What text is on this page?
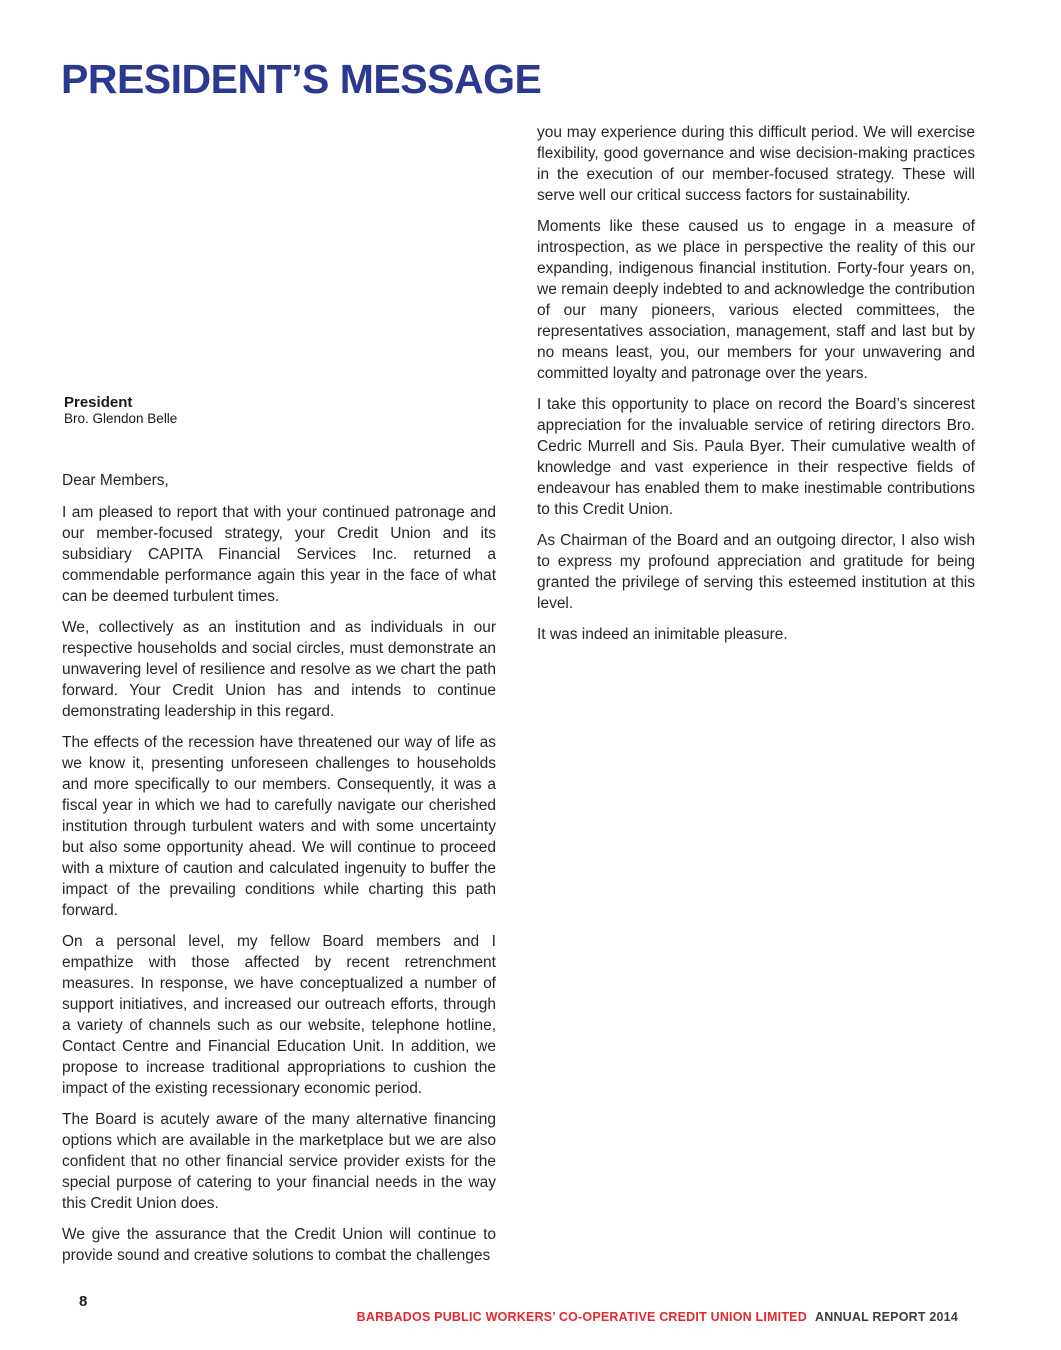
PRESIDENT’S MESSAGE
President
Bro. Glendon Belle

Dear Members,

I am pleased to report that with your continued patronage and our member-focused strategy, your Credit Union and its subsidiary CAPITA Financial Services Inc. returned a commendable performance again this year in the face of what can be deemed turbulent times.

We, collectively as an institution and as individuals in our respective households and social circles, must demonstrate an unwavering level of resilience and resolve as we chart the path forward. Your Credit Union has and intends to continue demonstrating leadership in this regard.

The effects of the recession have threatened our way of life as we know it, presenting unforeseen challenges to households and more specifically to our members. Consequently, it was a fiscal year in which we had to carefully navigate our cherished institution through turbulent waters and with some uncertainty but also some opportunity ahead. We will continue to proceed with a mixture of caution and calculated ingenuity to buffer the impact of the prevailing conditions while charting this path forward.

On a personal level, my fellow Board members and I empathize with those affected by recent retrenchment measures. In response, we have conceptualized a number of support initiatives, and increased our outreach efforts, through a variety of channels such as our website, telephone hotline, Contact Centre and Financial Education Unit. In addition, we propose to increase traditional appropriations to cushion the impact of the existing recessionary economic period.

The Board is acutely aware of the many alternative financing options which are available in the marketplace but we are also confident that no other financial service provider exists for the special purpose of catering to your financial needs in the way this Credit Union does.

We give the assurance that the Credit Union will continue to provide sound and creative solutions to combat the challenges

you may experience during this difficult period. We will exercise flexibility, good governance and wise decision-making practices in the execution of our member-focused strategy. These will serve well our critical success factors for sustainability.

Moments like these caused us to engage in a measure of introspection, as we place in perspective the reality of this our expanding, indigenous financial institution. Forty-four years on, we remain deeply indebted to and acknowledge the contribution of our many pioneers, various elected committees, the representatives association, management, staff and last but by no means least, you, our members for your unwavering and committed loyalty and patronage over the years.

I take this opportunity to place on record the Board’s sincerest appreciation for the invaluable service of retiring directors Bro. Cedric Murrell and Sis. Paula Byer. Their cumulative wealth of knowledge and vast experience in their respective fields of endeavour has enabled them to make inestimable contributions to this Credit Union.

As Chairman of the Board and an outgoing director, I also wish to express my profound appreciation and gratitude for being granted the privilege of serving this esteemed institution at this level.

It was indeed an inimitable pleasure.

8
BARBADOS PUBLIC WORKERS’ CO-OPERATIVE CREDIT UNION LIMITED ANNUAL REPORT 2014
